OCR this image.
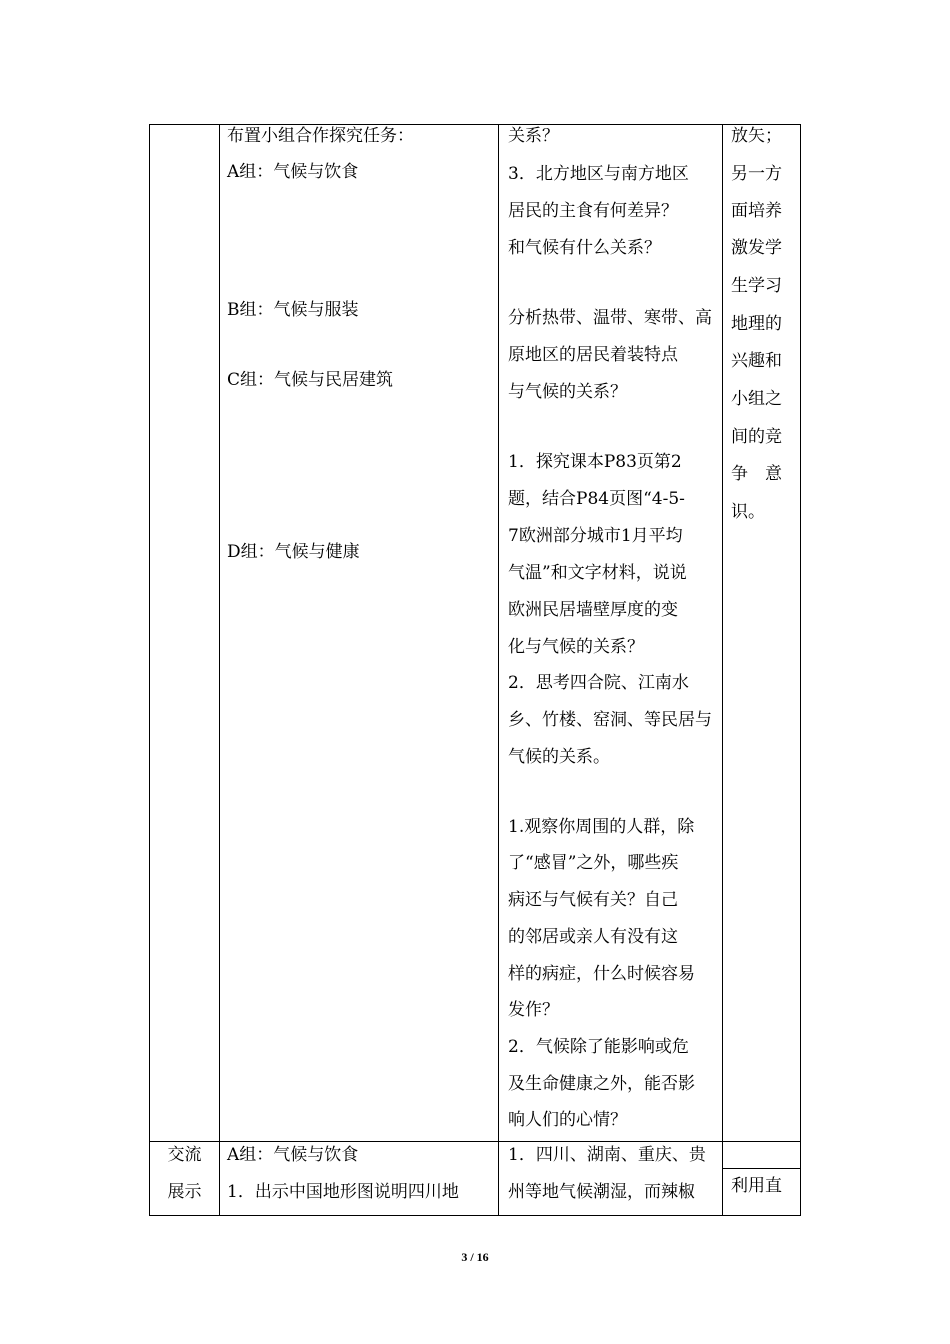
布置小组合作探究任务：
A组：气候与饮食
B组：气候与服装
C组：气候与民居建筑
D组：气候与健康
关系？
3．北方地区与南方地区
居民的主食有何差异？
和气候有什么关系？
分析热带、温带、寒带、高
原地区的居民着装特点
与气候的关系？
1．探究课本P83页第2
题，结合P84页图“4-5-
7欧洲部分城市1月平均
气温”和文字材料，说说
欧洲民居墙壁厚度的变
化与气候的关系？
2．思考四合院、江南水
乡、竹楼、窑洞、等民居与
气候的关系。
1.观察你周围的人群，除
了“感冒”之外，哪些疾
病还与气候有关？自己
的邻居或亲人有没有这
样的病症，什么时候容易
发作？
2．气候除了能影响或危
及生命健康之外，能否影
响人们的心情？
放矢；
另一方
面培养
激发学
生学习
地理的
兴趣和
小组之
间的竞
争　意
识。
交流
展示
A组：气候与饮食
1．出示中国地形图说明四川地
1．四川、湖南、重庆、贵
州等地气候潮湿，而辣椒 利用直
3 / 16
